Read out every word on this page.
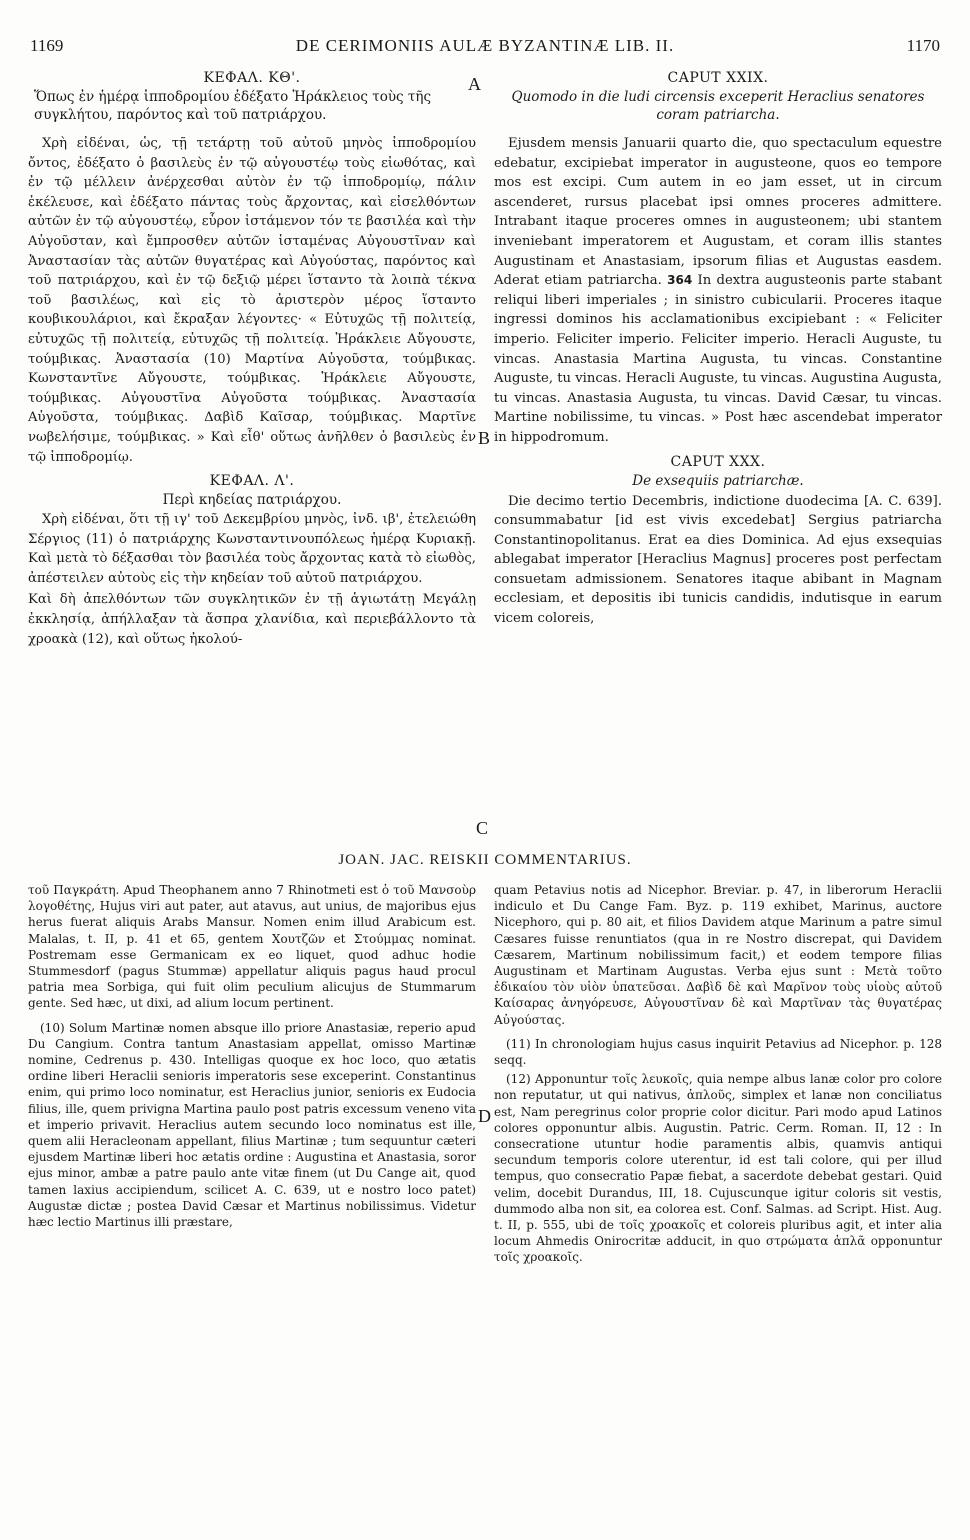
1169	DE CERIMONIIS AULÆ BYZANTINÆ LIB. II.	1170
A
B
C
D
ΚΕΦΑΛ. ΚΘ'.
Ὅπως ἐν ἡμέρᾳ ἱπποδρομίου ἐδέξατο Ἡράκλειος τοὺς τῆς συγκλήτου, παρόντος καὶ τοῦ πατριάρχου.

Χρὴ εἰδέναι, ὡς, τῇ τετάρτῃ τοῦ αὐτοῦ μηνὸς ἱπποδρομίου ὄντος, ἐδέξατο ὁ βασιλεὺς ἐν τῷ αὐγουστέῳ τοὺς εἰωθότας, καὶ ἐν τῷ μέλλειν ἀνέρχεσθαι αὐτὸν ἐν τῷ ἱπποδρομίῳ, πάλιν ἐκέλευσε, καὶ ἐδέξατο πάντας τοὺς ἄρχοντας, καὶ εἰσελθόντων αὐτῶν ἐν τῷ αὐγουστέῳ, εὗρον ἱστάμενον τόν τε βασιλέα καὶ τὴν Αὐγοῦσταν, καὶ ἔμπροσθεν αὐτῶν ἱσταμένας Αὐγουστῖναν καὶ Ἀναστασίαν τὰς αὐτῶν θυγατέρας καὶ Αὐγούστας, παρόντος καὶ τοῦ πατριάρχου, καὶ ἐν τῷ δεξιῷ μέρει ἵσταντο τὰ λοιπὰ τέκνα τοῦ βασιλέως, καὶ εἰς τὸ ἀριστερὸν μέρος ἵσταντο κουβικουλάριοι, καὶ ἔκραξαν λέγοντες· « Εὐτυχῶς τῇ πολιτείᾳ, εὐτυχῶς τῇ πολιτείᾳ, εὐτυχῶς τῇ πολιτείᾳ. Ἡράκλειε Αὔγουστε, τούμβικας. Ἀναστασία (10) Μαρτίνα Αὐγοῦστα, τούμβικας. Κωνσταντῖνε Αὔγουστε, τούμβικας. Ἡράκλειε Αὔγουστε, τούμβικας. Αὐγουστῖνα Αὐγοῦστα τούμβικας. Ἀναστασία Αὐγοῦστα, τούμβικας. Δαβὶδ Καῖσαρ, τούμβικας. Μαρτῖνε νωβελήσιμε, τούμβικας. » Καὶ εἶθ' οὕτως ἀνῆλθεν ὁ βασιλεὺς ἐν τῷ ἱπποδρομίῳ.

ΚΕΦΑΛ. Λ'.
Περὶ κηδείας πατριάρχου.

Χρὴ εἰδέναι, ὅτι τῇ ιγ' τοῦ Δεκεμβρίου μηνὸς, ἰνδ. ιβ', ἐτελειώθη Σέργιος (11) ὁ πατριάρχης Κωνσταντινουπόλεως ἡμέρᾳ Κυριακῇ. Καὶ μετὰ τὸ δέξασθαι τὸν βασιλέα τοὺς ἄρχοντας κατὰ τὸ εἰωθὸς, ἀπέστειλεν αὐτοὺς εἰς τὴν κηδείαν τοῦ αὐτοῦ πατριάρχου.

Καὶ δὴ ἀπελθόντων τῶν συγκλητικῶν ἐν τῇ ἁγιωτάτῃ Μεγάλῃ ἐκκλησίᾳ, ἀπήλλαξαν τὰ ἄσπρα χλανίδια, καὶ περιεβάλλοντο τὰ χροακὰ (12), καὶ οὕτως ἠκολού-

CAPUT XXIX.
Quomodo in die ludi circensis exceperit Heraclius senatores coram patriarcha.

Ejusdem mensis Januarii quarto die, quo spectaculum equestre edebatur, excipiebat imperator in augusteone, quos eo tempore mos est excipi. Cum autem in eo jam esset, ut in circum ascenderet, rursus placebat ipsi omnes proceres admittere. Intrabant itaque proceres omnes in augusteonem; ubi stantem inveniebant imperatorem et Augustam, et coram illis stantes Augustinam et Anastasiam, ipsorum filias et Augustas easdem. Aderat etiam patriarcha. 364 In dextra augusteonis parte stabant reliqui liberi imperiales ; in sinistro cubicularii. Proceres itaque ingressi dominos his acclamationibus excipiebant : « Feliciter imperio. Feliciter imperio. Feliciter imperio. Heracli Auguste, tu vincas. Anastasia Martina Augusta, tu vincas. Constantine Auguste, tu vincas. Heracli Auguste, tu vincas. Augustina Augusta, tu vincas. Anastasia Augusta, tu vincas. David Cæsar, tu vincas. Martine nobilissime, tu vincas. » Post hæc ascendebat imperator in hippodromum.

CAPUT XXX.
De exsequiis patriarchæ.

Die decimo tertio Decembris, indictione duodecima [A. C. 639]. consummabatur [id est vivis excedebat] Sergius patriarcha Constantinopolitanus. Erat ea dies Dominica. Ad ejus exsequias ablegabat imperator [Heraclius Magnus] proceres post perfectam consuetam admissionem. Senatores itaque abibant in Magnam ecclesiam, et depositis ibi tunicis candidis, indutisque in earum vicem coloreis,

JOAN. JAC. REISKII COMMENTARIUS.

τοῦ Παγκράτη. Apud Theophanem anno 7 Rhinotmeti est ὁ τοῦ Μανσοὺρ λογοθέτης, Hujus viri aut pater, aut atavus, aut unius, de majoribus ejus herus fuerat aliquis Arabs Mansur. Nomen enim illud Arabicum est. Malalas, t. II, p. 41 et 65, gentem Χουτζῶν et Στούμμας nominat. Postremam esse Germanicam ex eo liquet, quod adhuc hodie Stummesdorf (pagus Stummæ) appellatur aliquis pagus haud procul patria mea Sorbiga, qui fuit olim peculium alicujus de Stummarum gente. Sed hæc, ut dixi, ad alium locum pertinent.

(10) Solum Martinæ nomen absque illo priore Anastasiæ, reperio apud Du Cangium. Contra tantum Anastasiam appellat, omisso Martinæ nomine, Cedrenus p. 430. Intelligas quoque ex hoc loco, quo ætatis ordine liberi Heraclii senioris imperatoris sese exceperint. Constantinus enim, qui primo loco nominatur, est Heraclius junior, senioris ex Eudocia filius, ille, quem privigna Martina paulo post patris excessum veneno vita et imperio privavit. Heraclius autem secundo loco nominatus est ille, quem alii Heracleonam appellant, filius Martinæ ; tum sequuntur cæteri ejusdem Martinæ liberi hoc ætatis ordine : Augustina et Anastasia, soror ejus minor, ambæ a patre paulo ante vitæ finem (ut Du Cange ait, quod tamen laxius accipiendum, scilicet A. C. 639, ut e nostro loco patet) Augustæ dictæ ; postea David Cæsar et Martinus nobilissimus. Videtur hæc lectio Martinus illi præstare,

quam Petavius notis ad Nicephor. Breviar. p. 47, in liberorum Heraclii indiculo et Du Cange Fam. Byz. p. 119 exhibet, Marinus, auctore Nicephoro, qui p. 80 ait, et filios Davidem atque Marinum a patre simul Cæsares fuisse renuntiatos (qua in re Nostro discrepat, qui Davidem Cæsarem, Martinum nobilissimum facit,) et eodem tempore filias Augustinam et Martinam Augustas. Verba ejus sunt : Μετὰ τοῦτο ἐδικαίου τὸν υἱὸν ὑπατεῦσαι. Δαβὶδ δὲ καὶ Μαρῖνον τοὺς υἱοὺς αὐτοῦ Καίσαρας ἀνηγόρευσε, Αὐγουστῖναν δὲ καὶ Μαρτῖναν τὰς θυγατέρας Αὐγούστας.

(11) In chronologiam hujus casus inquirit Petavius ad Nicephor. p. 128 seqq.

(12) Apponuntur τοῖς λευκοῖς, quia nempe albus lanæ color pro colore non reputatur, ut qui nativus, ἁπλοῦς, simplex et lanæ non conciliatus est, Nam peregrinus color proprie color dicitur. Pari modo apud Latinos colores opponuntur albis. Augustin. Patric. Cerm. Roman. II, 12 : In consecratione utuntur hodie paramentis albis, quamvis antiqui secundum temporis colore uterentur, id est tali colore, qui per illud tempus, quo consecratio Papæ fiebat, a sacerdote debebat gestari. Quid velim, docebit Durandus, III, 18. Cujuscunque igitur coloris sit vestis, dummodo alba non sit, ea colorea est. Conf. Salmas. ad Script. Hist. Aug. t. II, p. 555, ubi de τοῖς χροακοῖς et coloreis pluribus agit, et inter alia locum Ahmedis Onirocritæ adducit, in quo στρώματα ἁπλᾶ opponuntur τοῖς χροακοῖς.
